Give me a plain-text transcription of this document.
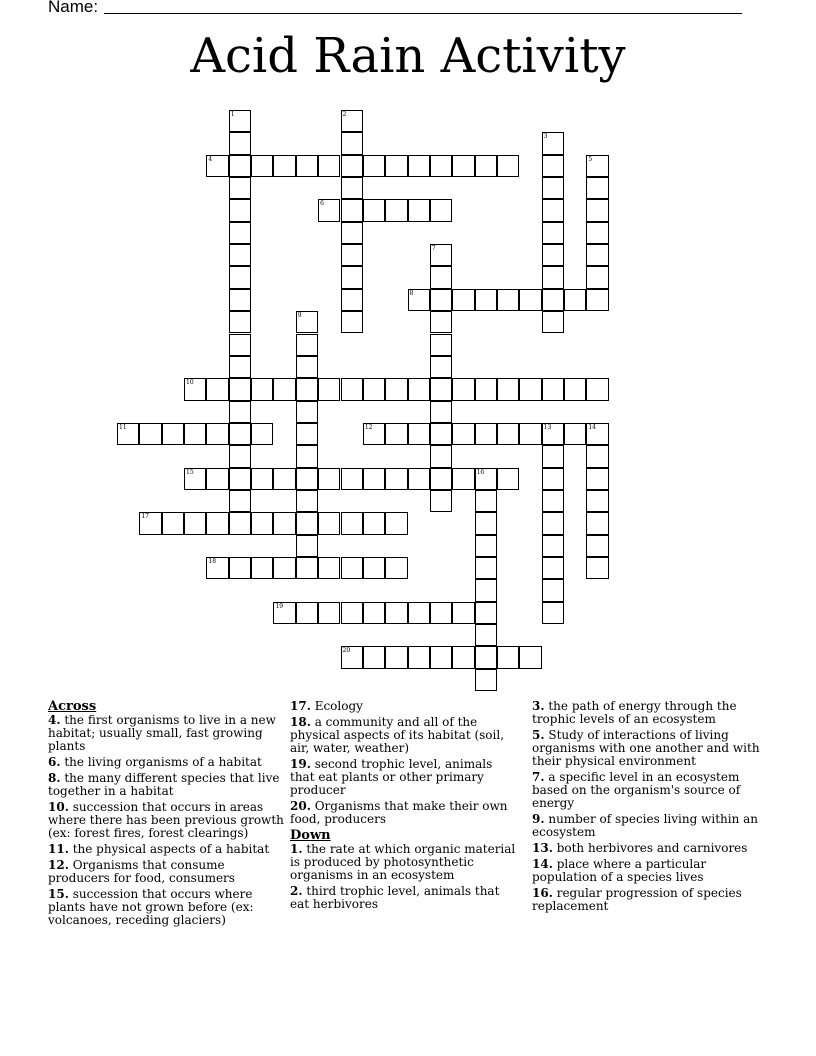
Name:
Acid Rain Activity
1	2
3
4	5
6
7
8
9
10
11	12	13	14
15	16
17
18
19
20
Across
4. the first organisms to live in a new habitat; usually small, fast growing plants
6. the living organisms of a habitat
8. the many different species that live together in a habitat
10. succession that occurs in areas where there has been previous growth (ex: forest fires, forest clearings)
11. the physical aspects of a habitat
12. Organisms that consume producers for food, consumers
15. succession that occurs where plants have not grown before (ex: volcanoes, receding glaciers)
17. Ecology
18. a community and all of the physical aspects of its habitat (soil, air, water, weather)
19. second trophic level, animals that eat plants or other primary producer
20. Organisms that make their own food, producers
Down
1. the rate at which organic material is produced by photosynthetic organisms in an ecosystem
2. third trophic level, animals that eat herbivores
3. the path of energy through the trophic levels of an ecosystem
5. Study of interactions of living organisms with one another and with their physical environment
7. a specific level in an ecosystem based on the organism's source of energy
9. number of species living within an ecosystem
13. both herbivores and carnivores
14. place where a particular population of a species lives
16. regular progression of species replacement
